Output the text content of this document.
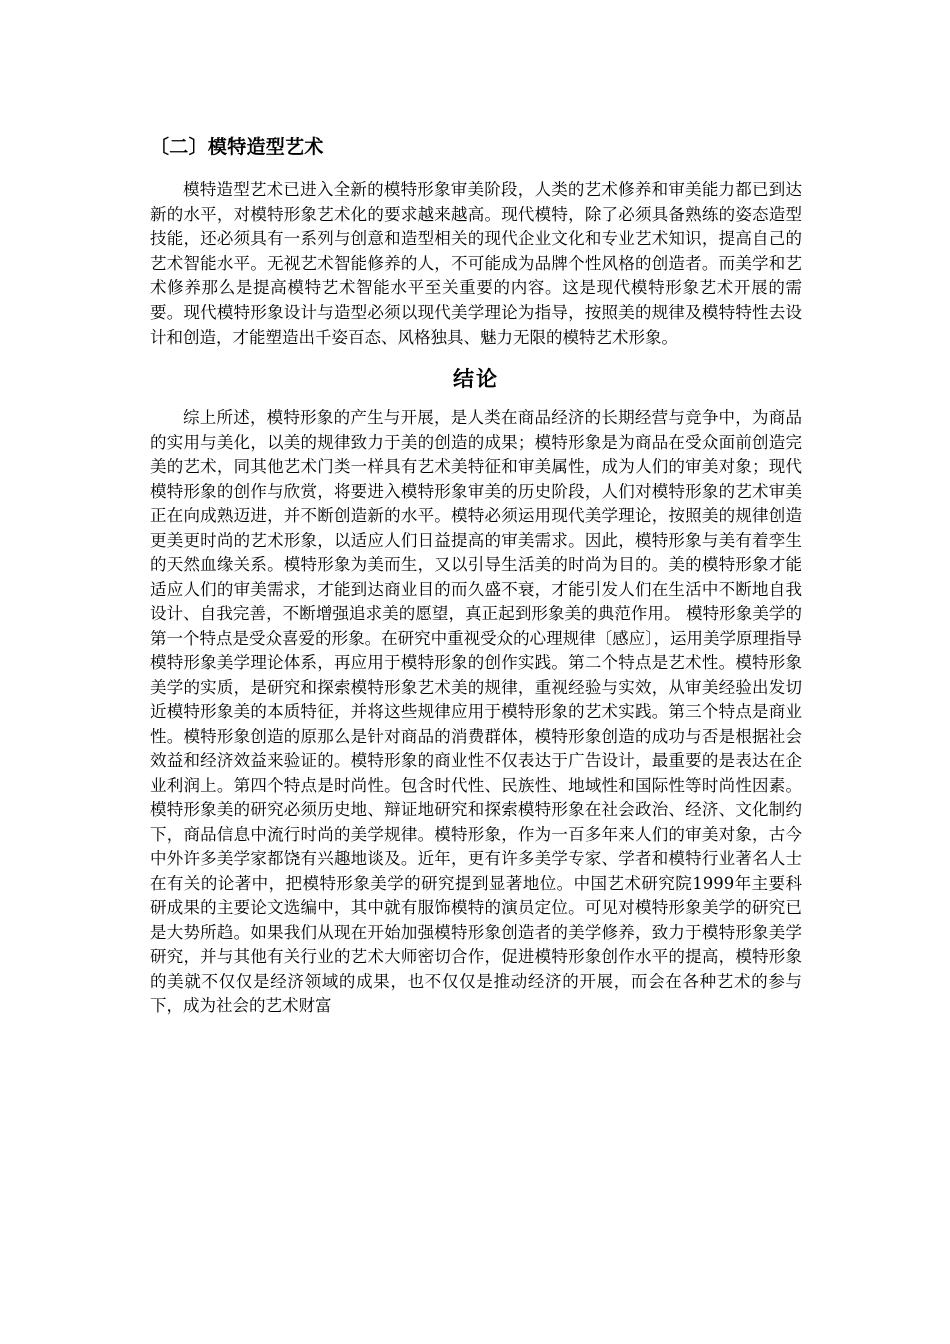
〔二〕模特造型艺术

模特造型艺术已进入全新的模特形象审美阶段，人类的艺术修养和审美能力都已到达新的水平，对模特形象艺术化的要求越来越高。现代模特，除了必须具备熟练的姿态造型技能，还必须具有一系列与创意和造型相关的现代企业文化和专业艺术知识，提高自己的艺术智能水平。无视艺术智能修养的人，不可能成为品牌个性风格的创造者。而美学和艺术修养那么是提高模特艺术智能水平至关重要的内容。这是现代模特形象艺术开展的需要。现代模特形象设计与造型必须以现代美学理论为指导，按照美的规律及模特特性去设计和创造，才能塑造出千姿百态、风格独具、魅力无限的模特艺术形象。

结论

综上所述，模特形象的产生与开展，是人类在商品经济的长期经营与竞争中，为商品的实用与美化，以美的规律致力于美的创造的成果；模特形象是为商品在受众面前创造完美的艺术，同其他艺术门类一样具有艺术美特征和审美属性，成为人们的审美对象；现代模特形象的创作与欣赏，将要进入模特形象审美的历史阶段，人们对模特形象的艺术审美正在向成熟迈进，并不断创造新的水平。模特必须运用现代美学理论，按照美的规律创造更美更时尚的艺术形象，以适应人们日益提高的审美需求。因此，模特形象与美有着孪生的天然血缘关系。模特形象为美而生，又以引导生活美的时尚为目的。美的模特形象才能适应人们的审美需求，才能到达商业目的而久盛不衰，才能引发人们在生活中不断地自我设计、自我完善，不断增强追求美的愿望，真正起到形象美的典范作用。 模特形象美学的第一个特点是受众喜爱的形象。在研究中重视受众的心理规律〔感应〕，运用美学原理指导模特形象美学理论体系，再应用于模特形象的创作实践。第二个特点是艺术性。模特形象美学的实质，是研究和探索模特形象艺术美的规律，重视经验与实效，从审美经验出发切近模特形象美的本质特征，并将这些规律应用于模特形象的艺术实践。第三个特点是商业性。模特形象创造的原那么是针对商品的消费群体，模特形象创造的成功与否是根据社会效益和经济效益来验证的。模特形象的商业性不仅表达于广告设计，最重要的是表达在企业利润上。第四个特点是时尚性。包含时代性、民族性、地域性和国际性等时尚性因素。模特形象美的研究必须历史地、辩证地研究和探索模特形象在社会政治、经济、文化制约下，商品信息中流行时尚的美学规律。模特形象，作为一百多年来人们的审美对象，古今中外许多美学家都饶有兴趣地谈及。近年，更有许多美学专家、学者和模特行业著名人士在有关的论著中，把模特形象美学的研究提到显著地位。中国艺术研究院1999年主要科研成果的主要论文选编中，其中就有服饰模特的演员定位。可见对模特形象美学的研究已是大势所趋。如果我们从现在开始加强模特形象创造者的美学修养，致力于模特形象美学研究，并与其他有关行业的艺术大师密切合作，促进模特形象创作水平的提高，模特形象的美就不仅仅是经济领域的成果，也不仅仅是推动经济的开展，而会在各种艺术的参与下，成为社会的艺术财富
